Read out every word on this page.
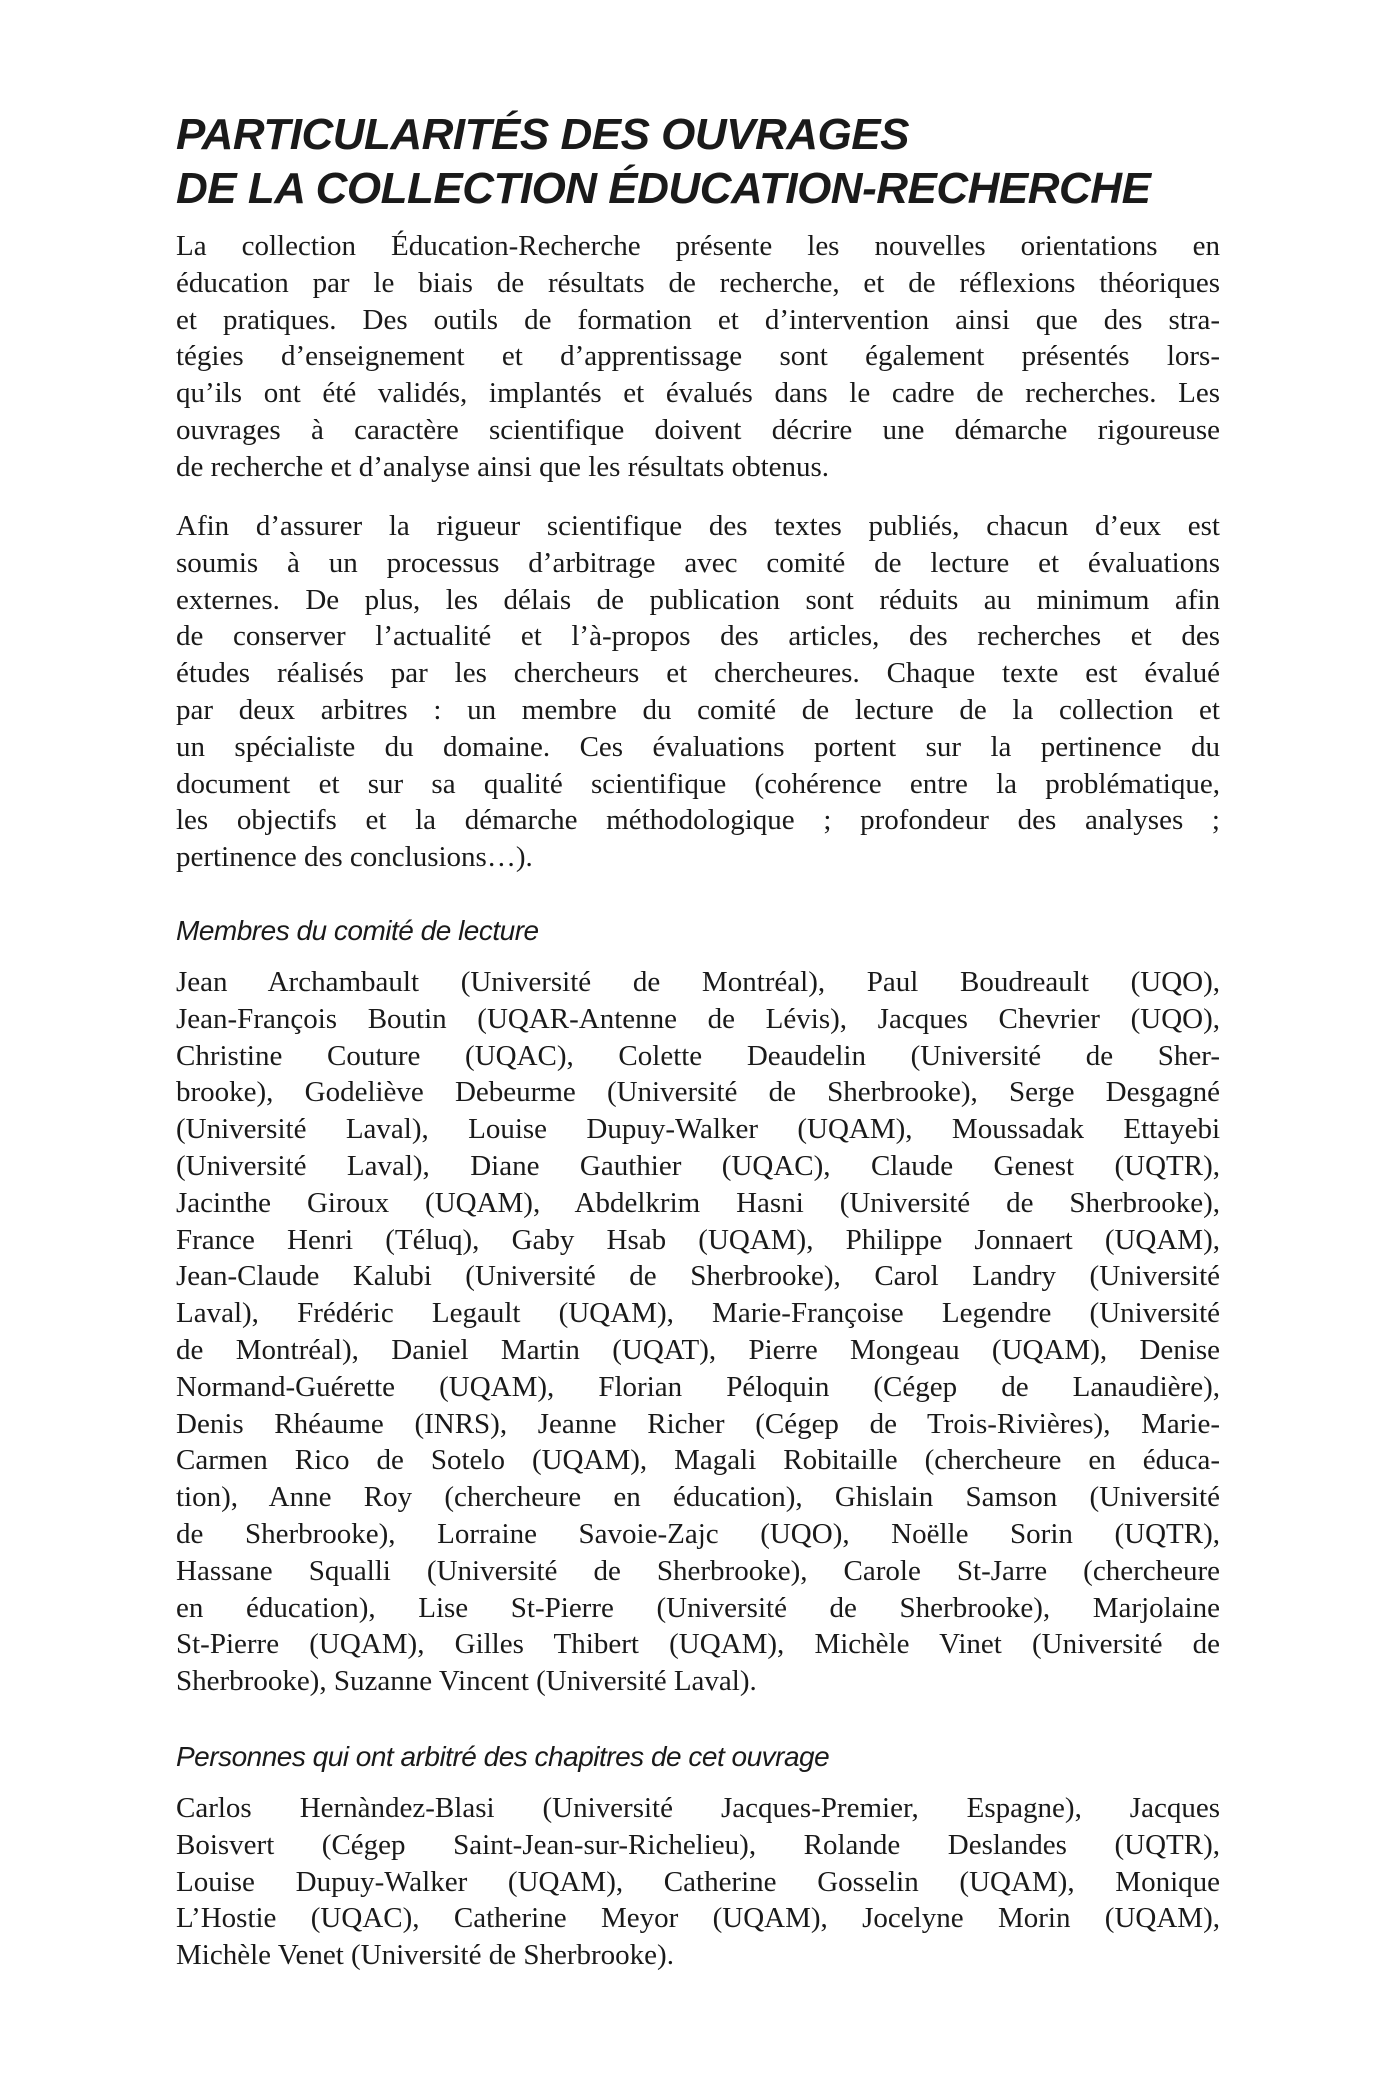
PARTICULARITÉS DES OUVRAGES
DE LA COLLECTION ÉDUCATION-RECHERCHE
La collection Éducation-Recherche présente les nouvelles orientations en
éducation par le biais de résultats de recherche, et de réflexions théoriques
et pratiques. Des outils de formation et d’intervention ainsi que des stra-
tégies d’enseignement et d’apprentissage sont également présentés lors-
qu’ils ont été validés, implantés et évalués dans le cadre de recherches. Les
ouvrages à caractère scientifique doivent décrire une démarche rigoureuse
de recherche et d’analyse ainsi que les résultats obtenus.
Afin d’assurer la rigueur scientifique des textes publiés, chacun d’eux est
soumis à un processus d’arbitrage avec comité de lecture et évaluations
externes. De plus, les délais de publication sont réduits au minimum afin
de conserver l’actualité et l’à-propos des articles, des recherches et des
études réalisés par les chercheurs et chercheures. Chaque texte est évalué
par deux arbitres : un membre du comité de lecture de la collection et
un spécialiste du domaine. Ces évaluations portent sur la pertinence du
document et sur sa qualité scientifique (cohérence entre la problématique,
les objectifs et la démarche méthodologique ; profondeur des analyses ;
pertinence des conclusions…).
Membres du comité de lecture
Jean Archambault (Université de Montréal), Paul Boudreault (UQO),
Jean-François Boutin (UQAR-Antenne de Lévis), Jacques Chevrier (UQO),
Christine Couture (UQAC), Colette Deaudelin (Université de Sher-
brooke), Godeliève Debeurme (Université de Sherbrooke), Serge Desgagné
(Université Laval), Louise Dupuy-Walker (UQAM), Moussadak Ettayebi
(Université Laval), Diane Gauthier (UQAC), Claude Genest (UQTR),
Jacinthe Giroux (UQAM), Abdelkrim Hasni (Université de Sherbrooke),
France Henri (Téluq), Gaby Hsab (UQAM), Philippe Jonnaert (UQAM),
Jean-Claude Kalubi (Université de Sherbrooke), Carol Landry (Université
Laval), Frédéric Legault (UQAM), Marie-Françoise Legendre (Université
de Montréal), Daniel Martin (UQAT), Pierre Mongeau (UQAM), Denise
Normand-Guérette (UQAM), Florian Péloquin (Cégep de Lanaudière),
Denis Rhéaume (INRS), Jeanne Richer (Cégep de Trois-Rivières), Marie-
Carmen Rico de Sotelo (UQAM), Magali Robitaille (chercheure en éduca-
tion), Anne Roy (chercheure en éducation), Ghislain Samson (Université
de Sherbrooke), Lorraine Savoie-Zajc (UQO), Noëlle Sorin (UQTR),
Hassane Squalli (Université de Sherbrooke), Carole St-Jarre (chercheure
en éducation), Lise St-Pierre (Université de Sherbrooke), Marjolaine
St-Pierre (UQAM), Gilles Thibert (UQAM), Michèle Vinet (Université de
Sherbrooke), Suzanne Vincent (Université Laval).
Personnes qui ont arbitré des chapitres de cet ouvrage
Carlos Hernàndez-Blasi (Université Jacques-Premier, Espagne), Jacques
Boisvert (Cégep Saint-Jean-sur-Richelieu), Rolande Deslandes (UQTR),
Louise Dupuy-Walker (UQAM), Catherine Gosselin (UQAM), Monique
L’Hostie (UQAC), Catherine Meyor (UQAM), Jocelyne Morin (UQAM),
Michèle Venet (Université de Sherbrooke).
